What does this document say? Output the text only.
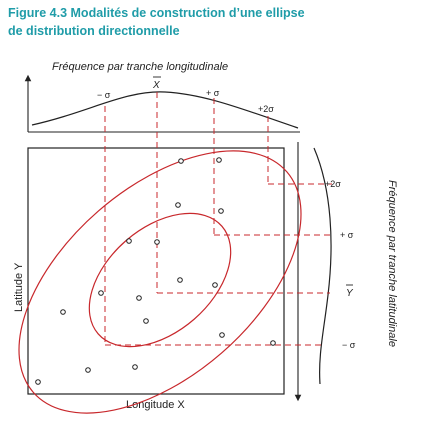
Figure 4.3 Modalités de construction d’une ellipse
de distribution directionnelle
Fréquence par tranche longitudinale
Fréquence par tranche latitudinale
Longitude X
Latitude Y
− σ
X
+ σ
+2σ
+2σ
+ σ
Y
− σ
